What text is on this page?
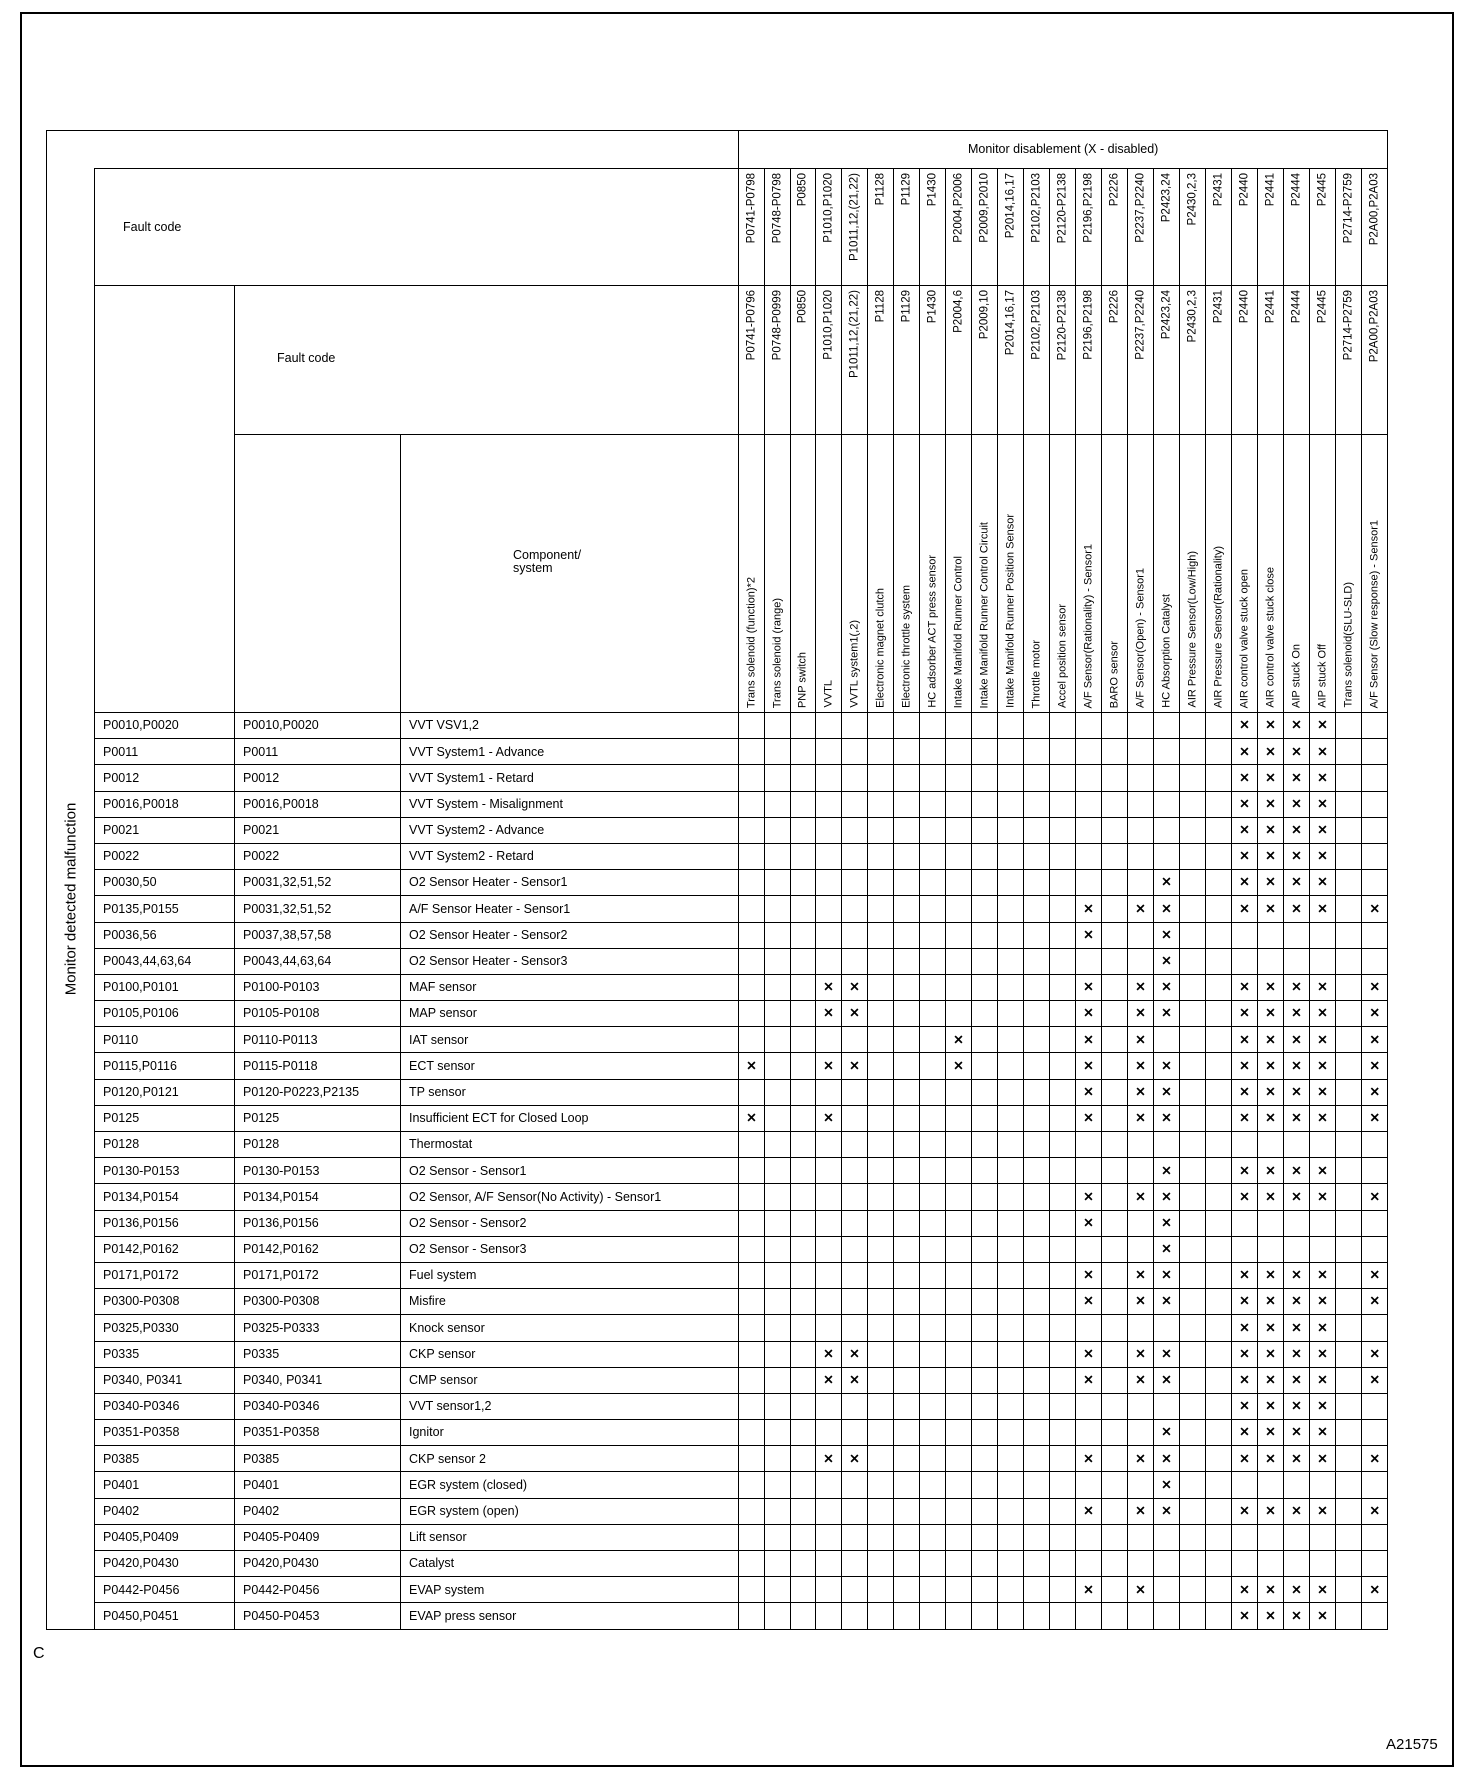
				Monitor disablement (X - disabled)																								

Monitor detected malfunction	Fault code			P0741-P0798	P0748-P0798	P0850	P1010,P1020	P1011,12,(21,22)	P1128	P1129	P1430	P2004,P2006	P2009,P2010	P2014,16,17	P2102,P2103	P2120-P2138	P2196,P2198	P2226	P2237,P2240	P2423,24	P2430,2,3	P2431	P2440	P2441	P2444	P2445	P2714-P2759	P2A00,P2A03

		Fault code		P0741-P0796	P0748-P0999	P0850	P1010,P1020	P1011,12,(21,22)	P1128	P1129	P1430	P2004,6	P2009,10	P2014,16,17	P2102,P2103	P2120-P2138	P2196,P2198	P2226	P2237,P2240	P2423,24	P2430,2,3	P2431	P2440	P2441	P2444	P2445	P2714-P2759	P2A00,P2A03

			Component/
system	Trans solenoid (function)*2	Trans solenoid (range)	PNP switch	VVTL	VVTL system1(,2)	Electronic magnet clutch	Electronic throttle system	HC adsorber ACT press sensor	Intake Manifold Runner Control	Intake Manifold Runner Control Circuit	Intake Manifold Runner Position Sensor	Throttle motor	Accel position sensor	A/F Sensor(Rationality) - Sensor1	BARO sensor	A/F Sensor(Open) - Sensor1	HC Absorption Catalyst	AIR Pressure Sensor(Low/High)	AIR Pressure Sensor(Rationality)	AIR control valve stuck open	AIR control valve stuck close	AIP stuck On	AIP stuck Off	Trans solenoid(SLU-SLD)	A/F Sensor (Slow response) - Sensor1

	P0010,P0020	P0010,P0020	VVT VSV1,2																				✕	✕	✕	✕		
	P0011	P0011	VVT System1 - Advance																				✕	✕	✕	✕		
	P0012	P0012	VVT System1 - Retard																				✕	✕	✕	✕		
	P0016,P0018	P0016,P0018	VVT System - Misalignment																				✕	✕	✕	✕		
	P0021	P0021	VVT System2 - Advance																				✕	✕	✕	✕		
	P0022	P0022	VVT System2 - Retard																				✕	✕	✕	✕		
	P0030,50	P0031,32,51,52	O2 Sensor Heater - Sensor1																	✕			✕	✕	✕	✕		
	P0135,P0155	P0031,32,51,52	A/F Sensor Heater - Sensor1														✕		✕	✕			✕	✕	✕	✕		✕
	P0036,56	P0037,38,57,58	O2 Sensor Heater - Sensor2														✕			✕								
	P0043,44,63,64	P0043,44,63,64	O2 Sensor Heater - Sensor3																	✕								
	P0100,P0101	P0100-P0103	MAF sensor				✕	✕									✕		✕	✕			✕	✕	✕	✕		✕
	P0105,P0106	P0105-P0108	MAP sensor				✕	✕									✕		✕	✕			✕	✕	✕	✕		✕
	P0110	P0110-P0113	IAT sensor									✕					✕		✕				✕	✕	✕	✕		✕
	P0115,P0116	P0115-P0118	ECT sensor	✕			✕	✕				✕					✕		✕	✕			✕	✕	✕	✕		✕
	P0120,P0121	P0120-P0223,P2135	TP sensor														✕		✕	✕			✕	✕	✕	✕		✕
	P0125	P0125	Insufficient ECT for Closed Loop	✕			✕										✕		✕	✕			✕	✕	✕	✕		✕
	P0128	P0128	Thermostat																									
	P0130-P0153	P0130-P0153	O2 Sensor - Sensor1																	✕			✕	✕	✕	✕		
	P0134,P0154	P0134,P0154	O2 Sensor, A/F Sensor(No Activity) - Sensor1														✕		✕	✕			✕	✕	✕	✕		✕
	P0136,P0156	P0136,P0156	O2 Sensor - Sensor2														✕			✕								
	P0142,P0162	P0142,P0162	O2 Sensor - Sensor3																	✕								
	P0171,P0172	P0171,P0172	Fuel system														✕		✕	✕			✕	✕	✕	✕		✕
	P0300-P0308	P0300-P0308	Misfire														✕		✕	✕			✕	✕	✕	✕		✕
	P0325,P0330	P0325-P0333	Knock sensor																				✕	✕	✕	✕		
	P0335	P0335	CKP sensor				✕	✕									✕		✕	✕			✕	✕	✕	✕		✕
	P0340, P0341	P0340, P0341	CMP sensor				✕	✕									✕		✕	✕			✕	✕	✕	✕		✕
	P0340-P0346	P0340-P0346	VVT sensor1,2																				✕	✕	✕	✕		
	P0351-P0358	P0351-P0358	Ignitor																	✕			✕	✕	✕	✕		
	P0385	P0385	CKP sensor 2				✕	✕									✕		✕	✕			✕	✕	✕	✕		✕
	P0401	P0401	EGR system (closed)																	✕								
	P0402	P0402	EGR system (open)														✕		✕	✕			✕	✕	✕	✕		✕
	P0405,P0409	P0405-P0409	Lift sensor																									
	P0420,P0430	P0420,P0430	Catalyst																									
	P0442-P0456	P0442-P0456	EVAP system														✕		✕				✕	✕	✕	✕		✕
	P0450,P0451	P0450-P0453	EVAP press sensor																				✕	✕	✕	✕		
C
A21575
